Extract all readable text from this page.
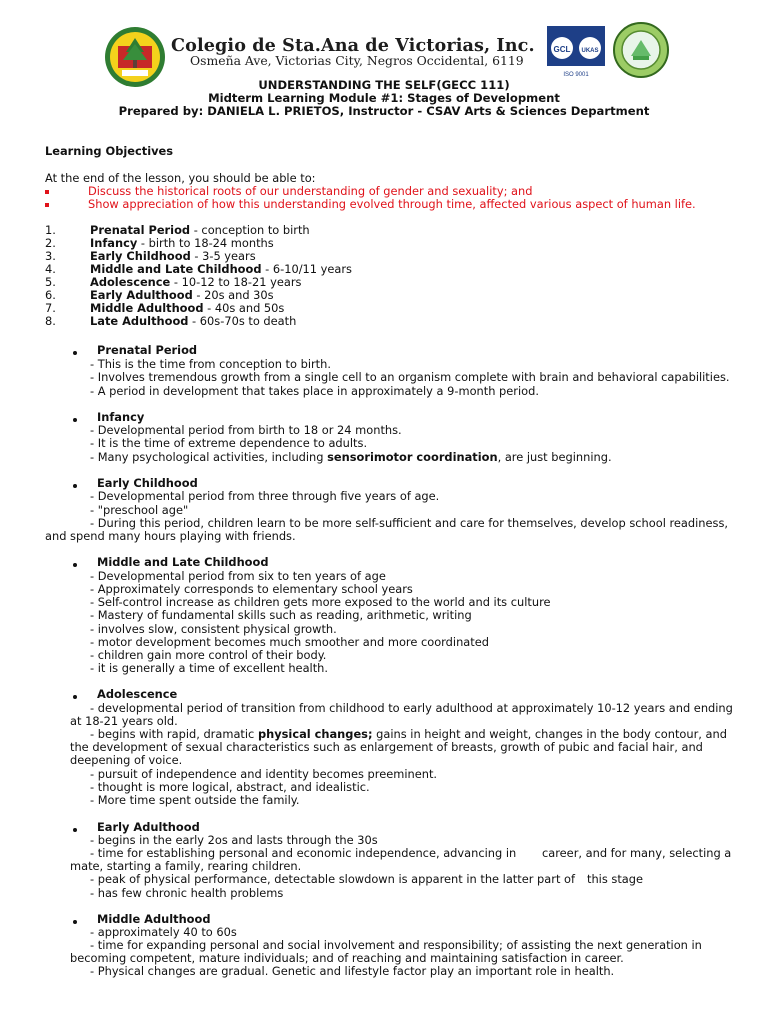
Colegio de Sta.Ana de Victorias, Inc.
Osmeña Ave, Victorias City, Negros Occidental, 6119
GCL UKAS
ISO 9001
UNDERSTANDING THE SELF(GECC 111)
Midterm Learning Module #1: Stages of Development
Prepared by: DANIELA L. PRIETOS, Instructor - CSAV Arts & Sciences Department
Learning Objectives
At the end of the lesson, you should be able to:
Discuss the historical roots of our understanding of gender and sexuality; and
Show appreciation of how this understanding evolved through time, affected various aspect of human life.
1.	Prenatal Period - conception to birth
2.	Infancy - birth to 18-24 months
3.	Early Childhood - 3-5 years
4.	Middle and Late Childhood - 6-10/11 years
5.	Adolescence - 10-12 to 18-21 years
6.	Early Adulthood - 20s and 30s
7.	Middle Adulthood - 40s and 50s
8.	Late Adulthood - 60s-70s to death
Prenatal Period
- This is the time from conception to birth.
- Involves tremendous growth from a single cell to an organism complete with brain and behavioral capabilities.
- A period in development that takes place in approximately a 9-month period.
Infancy
- Developmental period from birth to 18 or 24 months.
- It is the time of extreme dependence to adults.
- Many psychological activities, including sensorimotor coordination, are just beginning.
Early Childhood
- Developmental period from three through five years of age.
- "preschool age"
- During this period, children learn to be more self-sufficient and care for themselves, develop school readiness,
and spend many hours playing with friends.
Middle and Late Childhood
- Developmental period from six to ten years of age
- Approximately corresponds to elementary school years
- Self-control increase as children gets more exposed to the world and its culture
- Mastery of fundamental skills such as reading, arithmetic, writing
- involves slow, consistent physical growth.
- motor development becomes much smoother and more coordinated
- children gain more control of their body.
- it is generally a time of excellent health.
Adolescence
- developmental period of transition from childhood to early adulthood at approximately 10-12 years and ending
at 18-21 years old.
- begins with rapid, dramatic physical changes; gains in height and weight, changes in the body contour, and
the development of sexual characteristics such as enlargement of breasts, growth of pubic and facial hair, and
deepening of voice.
- pursuit of independence and identity becomes preeminent.
- thought is more logical, abstract, and idealistic.
- More time spent outside the family.
Early Adulthood
- begins in the early 2os and lasts through the 30s
- time for establishing personal and economic independence, advancing in career, and for many, selecting a
mate, starting a family, rearing children.
- peak of physical performance, detectable slowdown is apparent in the latter part of this stage
- has few chronic health problems
Middle Adulthood
- approximately 40 to 60s
- time for expanding personal and social involvement and responsibility; of assisting the next generation in
becoming competent, mature individuals; and of reaching and maintaining satisfaction in career.
- Physical changes are gradual. Genetic and lifestyle factor play an important role in health.
